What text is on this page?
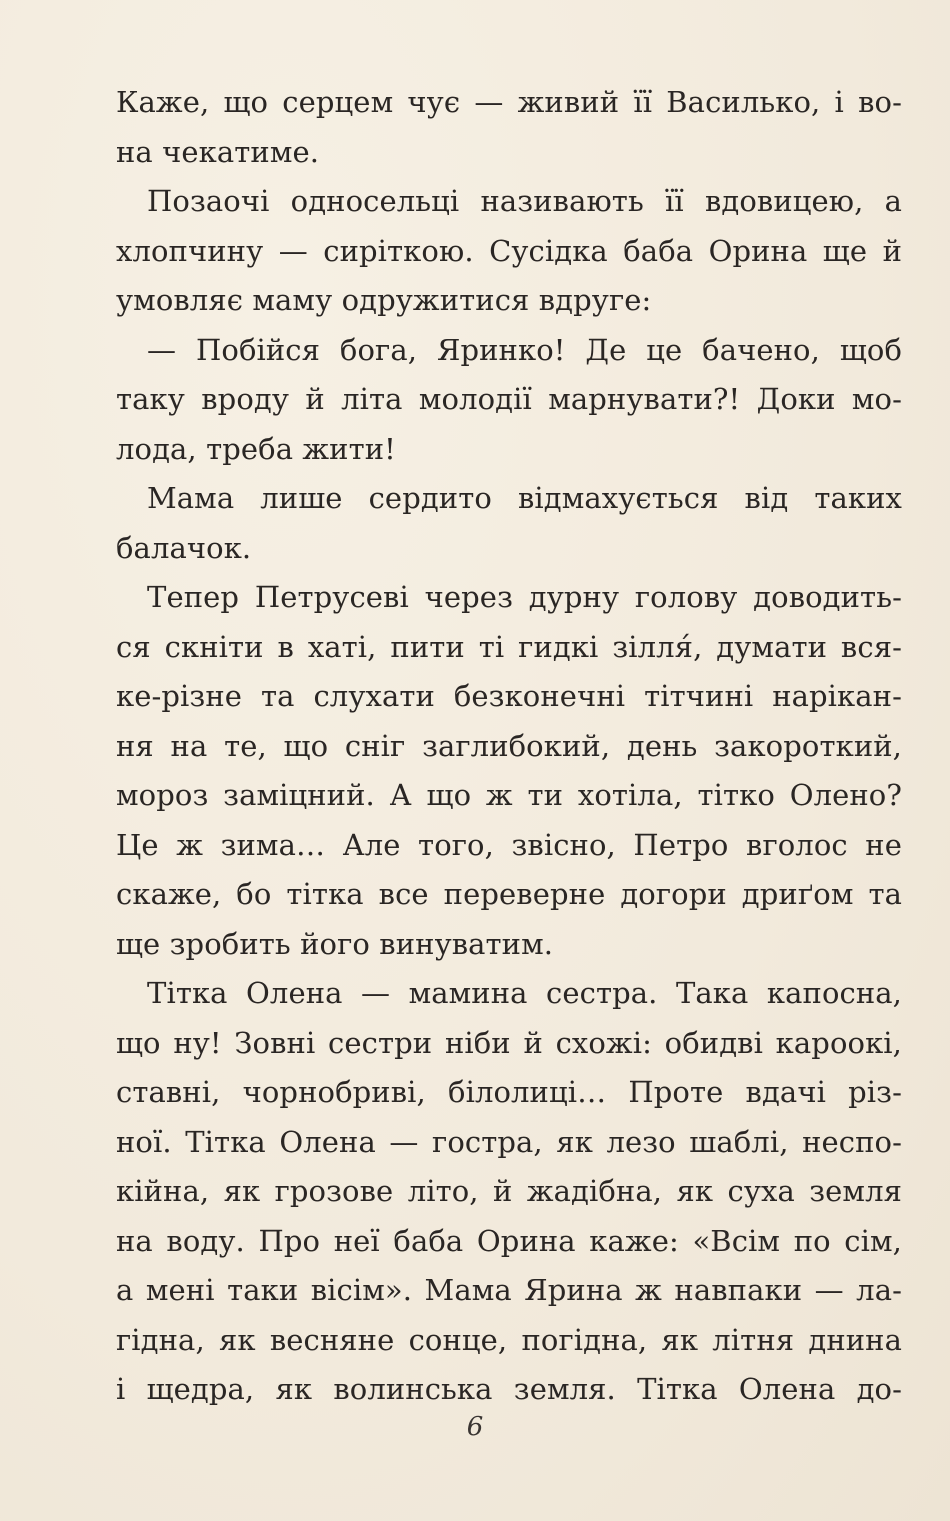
Каже, що серцем чує — живий її Василько, і во-
на чекатиме.
Позаочі односельці називають її вдовицею, а
хлопчину — сиріткою. Сусідка баба Орина ще й
умовляє маму одружитися вдруге:
— Побійся бога, Яринко! Де це бачено, щоб
таку вроду й літа молодії марнувати?! Доки мо-
лода, треба жити!
Мама лише сердито відмахується від таких
балачок.
Тепер Петрусеві через дурну голову доводить-
ся скніти в хаті, пити ті гидкі зілля́, думати вся-
ке-різне та слухати безконечні тітчині нарікан-
ня на те, що сніг заглибокий, день закороткий,
мороз заміцний. А що ж ти хотіла, тітко Олено?
Це ж зима… Але того, звісно, Петро вголос не
скаже, бо тітка все переверне догори дриґом та
ще зробить його винуватим.
Тітка Олена — мамина сестра. Така капосна,
що ну! Зовні сестри ніби й схожі: обидві кароокі,
ставні, чорнобриві, білолиці… Проте вдачі різ-
ної. Тітка Олена — гостра, як лезо шаблі, неспо-
кійна, як грозове літо, й жадібна, як суха земля
на воду. Про неї баба Орина каже: «Всім по сім,
а мені таки вісім». Мама Ярина ж навпаки — ла-
гідна, як весняне сонце, погідна, як літня днина
і щедра, як волинська земля. Тітка Олена до-
6
